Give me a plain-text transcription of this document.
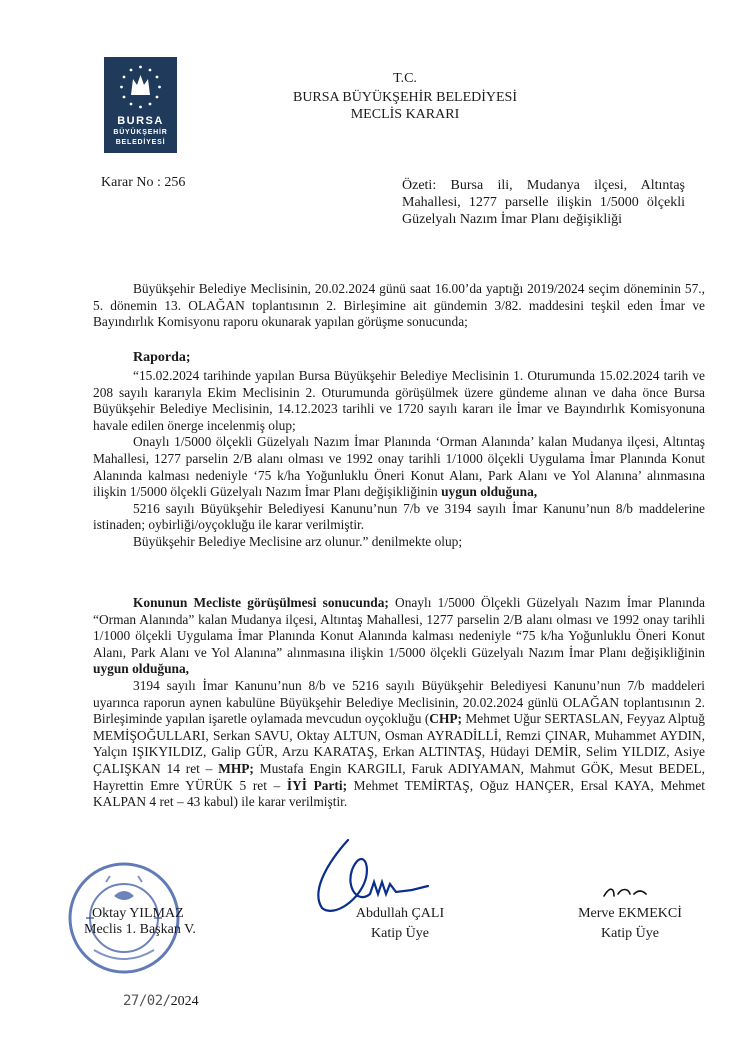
BURSA
BÜYÜKŞEHİR
BELEDİYESİ
T.C.
BURSA BÜYÜKŞEHİR BELEDİYESİ
MECLİS KARARI
Karar No : 256	Özeti: Bursa ili, Mudanya ilçesi, Altıntaş Mahallesi, 1277 parselle ilişkin 1/5000 ölçekli Güzelyalı Nazım İmar Planı değişikliği

Büyükşehir Belediye Meclisinin, 20.02.2024 günü saat 16.00’da yaptığı 2019/2024 seçim döneminin 57., 5. dönemin 13. OLAĞAN toplantısının 2. Birleşimine ait gündemin 3/82. maddesini teşkil eden İmar ve Bayındırlık Komisyonu raporu okunarak yapılan görüşme sonucunda;

Raporda;

“15.02.2024 tarihinde yapılan Bursa Büyükşehir Belediye Meclisinin 1. Oturumunda 15.02.2024 tarih ve 208 sayılı kararıyla Ekim Meclisinin 2. Oturumunda görüşülmek üzere gündeme alınan ve daha önce Bursa Büyükşehir Belediye Meclisinin, 14.12.2023 tarihli ve 1720 sayılı kararı ile İmar ve Bayındırlık Komisyonuna havale edilen önerge incelenmiş olup;

Onaylı 1/5000 ölçekli Güzelyalı Nazım İmar Planında ‘Orman Alanında’ kalan Mudanya ilçesi, Altıntaş Mahallesi, 1277 parselin 2/B alanı olması ve 1992 onay tarihli 1/1000 ölçekli Uygulama İmar Planında Konut Alanında kalması nedeniyle ‘75 k/ha Yoğunluklu Öneri Konut Alanı, Park Alanı ve Yol Alanına’ alınmasına ilişkin 1/5000 ölçekli Güzelyalı Nazım İmar Planı değişikliğinin uygun olduğuna,

5216 sayılı Büyükşehir Belediyesi Kanunu’nun 7/b ve 3194 sayılı İmar Kanunu’nun 8/b maddelerine istinaden; oybirliği/oyçokluğu ile karar verilmiştir.

Büyükşehir Belediye Meclisine arz olunur.” denilmekte olup;

Konunun Mecliste görüşülmesi sonucunda; Onaylı 1/5000 Ölçekli Güzelyalı Nazım İmar Planında “Orman Alanında” kalan Mudanya ilçesi, Altıntaş Mahallesi, 1277 parselin 2/B alanı olması ve 1992 onay tarihli 1/1000 ölçekli Uygulama İmar Planında Konut Alanında kalması nedeniyle “75 k/ha Yoğunluklu Öneri Konut Alanı, Park Alanı ve Yol Alanına” alınmasına ilişkin 1/5000 ölçekli Güzelyalı Nazım İmar Planı değişikliğinin uygun olduğuna,

3194 sayılı İmar Kanunu’nun 8/b ve 5216 sayılı Büyükşehir Belediyesi Kanunu’nun 7/b maddeleri uyarınca raporun aynen kabulüne Büyükşehir Belediye Meclisinin, 20.02.2024 günlü OLAĞAN toplantısının 2. Birleşiminde yapılan işaretle oylamada mevcudun oyçokluğu (CHP; Mehmet Uğur SERTASLAN, Feyyaz Alptuğ MEMİŞOĞULLARI, Serkan SAVU, Oktay ALTUN, Osman AYRADİLLİ, Remzi ÇINAR, Muhammet AYDIN, Yalçın IŞIKYILDIZ, Galip GÜR, Arzu KARATAŞ, Erkan ALTINTAŞ, Hüdayi DEMİR, Selim YILDIZ, Asiye ÇALIŞKAN 14 ret – MHP; Mustafa Engin KARGILI, Faruk ADIYAMAN, Mahmut GÖK, Mesut BEDEL, Hayrettin Emre YÜRÜK 5 ret – İYİ Parti; Mehmet TEMİRTAŞ, Oğuz HANÇER, Ersal KAYA, Mehmet KALPAN 4 ret – 43 kabul) ile karar verilmiştir.

Oktay YILMAZ
Meclis 1. Başkan V.
Abdullah ÇALI
Katip Üye
Merve EKMEKCİ
Katip Üye
27/02/2024
